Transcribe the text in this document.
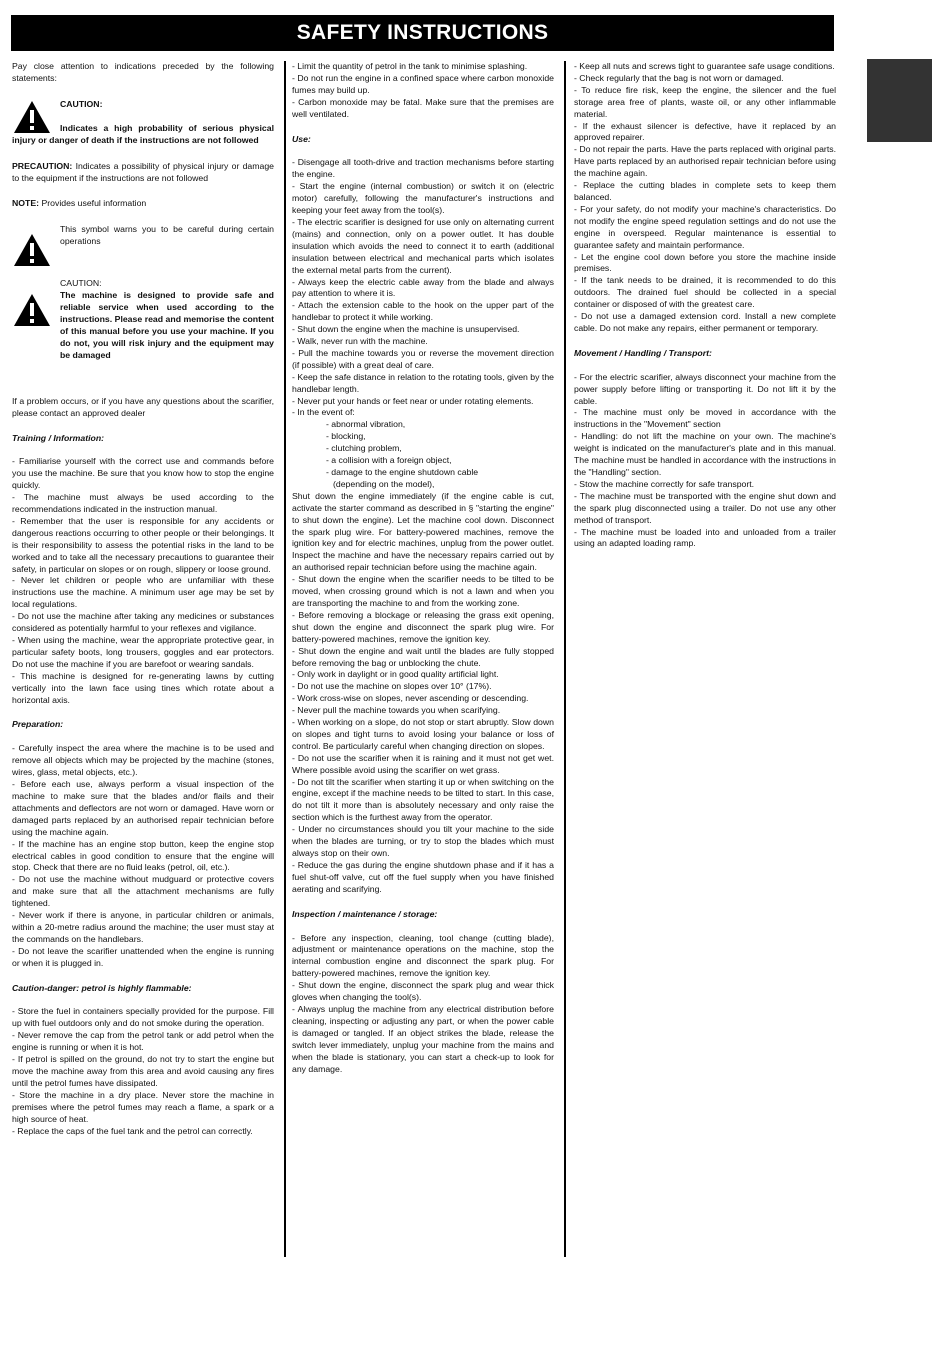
SAFETY INSTRUCTIONS

Pay close attention to indications preceded by the following statements:

CAUTION:

Indicates a high probability of serious physical injury or danger of death if the instructions are not followed

PRECAUTION: Indicates a possibility of physical injury or damage to the equipment if the instructions are not followed

NOTE: Provides useful information

This symbol warns you to be careful during certain operations
CAUTION:
The machine is designed to provide safe and reliable service when used according to the instructions. Please read and memorise the content of this manual before you use your machine. If you do not, you will risk injury and the equipment may be damaged

If a problem occurs, or if you have any questions about the scarifier, please contact an approved dealer

Training / Information:

- Familiarise yourself with the correct use and commands before you use the machine. Be sure that you know how to stop the engine quickly.

- The machine must always be used according to the recommendations indicated in the instruction manual.

- Remember that the user is responsible for any accidents or dangerous reactions occurring to other people or their belongings. It is their responsibility to assess the potential risks in the land to be worked and to take all the necessary precautions to guarantee their safety, in particular on slopes or on rough, slippery or loose ground.

- Never let children or people who are unfamiliar with these instructions use the machine. A minimum user age may be set by local regulations.

- Do not use the machine after taking any medicines or substances considered as potentially harmful to your reflexes and vigilance.

- When using the machine, wear the appropriate protective gear, in particular safety boots, long trousers, goggles and ear protectors. Do not use the machine if you are barefoot or wearing sandals.

- This machine is designed for re-generating lawns by cutting vertically into the lawn face using tines which rotate about a horizontal axis.

Preparation:

- Carefully inspect the area where the machine is to be used and remove all objects which may be projected by the machine (stones, wires, glass, metal objects, etc.).

- Before each use, always perform a visual inspection of the machine to make sure that the blades and/or flails and their attachments and deflectors are not worn or damaged. Have worn or damaged parts replaced by an authorised repair technician before using the machine again.

- If the machine has an engine stop button, keep the engine stop electrical cables in good condition to ensure that the engine will stop. Check that there are no fluid leaks (petrol, oil, etc.).

- Do not use the machine without mudguard or protective covers and make sure that all the attachment mechanisms are fully tightened.

- Never work if there is anyone, in particular children or animals, within a 20-metre radius around the machine; the user must stay at the commands on the handlebars.

- Do not leave the scarifier unattended when the engine is running or when it is plugged in.

Caution-danger: petrol is highly flammable:

- Store the fuel in containers specially provided for the purpose. Fill up with fuel outdoors only and do not smoke during the operation.

- Never remove the cap from the petrol tank or add petrol when the engine is running or when it is hot.

- If petrol is spilled on the ground, do not try to start the engine but move the machine away from this area and avoid causing any fires until the petrol fumes have dissipated.

- Store the machine in a dry place. Never store the machine in premises where the petrol fumes may reach a flame, a spark or a high source of heat.

- Replace the caps of the fuel tank and the petrol can correctly.

- Limit the quantity of petrol in the tank to minimise splashing.

- Do not run the engine in a confined space where carbon monoxide fumes may build up.

- Carbon monoxide may be fatal. Make sure that the premises are well ventilated.

Use:

- Disengage all tooth-drive and traction mechanisms before starting the engine.

- Start the engine (internal combustion) or switch it on (electric motor) carefully, following the manufacturer's instructions and keeping your feet away from the tool(s).

- The electric scarifier is designed for use only on alternating current (mains) and connection, only on a power outlet. It has double insulation which avoids the need to connect it to earth (additional insulation between electrical and mechanical parts which isolates the external metal parts from the current).

- Always keep the electric cable away from the blade and always pay attention to where it is.

- Attach the extension cable to the hook on the upper part of the handlebar to protect it while working.

- Shut down the engine when the machine is unsupervised.

- Walk, never run with the machine.

- Pull the machine towards you or reverse the movement direction (if possible) with a great deal of care.

- Keep the safe distance in relation to the rotating tools, given by the handlebar length.

- Never put your hands or feet near or under rotating elements.

- In the event of:

- abnormal vibration,
- blocking,
- clutching problem,
- a collision with a foreign object,
- damage to the engine shutdown cable
(depending on the model),

Shut down the engine immediately (if the engine cable is cut, activate the starter command as described in § "starting the engine" to shut down the engine). Let the machine cool down. Disconnect the spark plug wire. For battery-powered machines, remove the ignition key and for electric machines, unplug from the power outlet. Inspect the machine and have the necessary repairs carried out by an authorised repair technician before using the machine again.

- Shut down the engine when the scarifier needs to be tilted to be moved, when crossing ground which is not a lawn and when you are transporting the machine to and from the working zone.

- Before removing a blockage or releasing the grass exit opening, shut down the engine and disconnect the spark plug wire. For battery-powered machines, remove the ignition key.

- Shut down the engine and wait until the blades are fully stopped before removing the bag or unblocking the chute.

- Only work in daylight or in good quality artificial light.

- Do not use the machine on slopes over 10° (17%).

- Work cross-wise on slopes, never ascending or descending.

- Never pull the machine towards you when scarifying.

- When working on a slope, do not stop or start abruptly. Slow down on slopes and tight turns to avoid losing your balance or loss of control. Be particularly careful when changing direction on slopes.

- Do not use the scarifier when it is raining and it must not get wet. Where possible avoid using the scarifier on wet grass.

- Do not tilt the scarifier when starting it up or when switching on the engine, except if the machine needs to be tilted to start. In this case, do not tilt it more than is absolutely necessary and only raise the section which is the furthest away from the operator.

- Under no circumstances should you tilt your machine to the side when the blades are turning, or try to stop the blades which must always stop on their own.

- Reduce the gas during the engine shutdown phase and if it has a fuel shut-off valve, cut off the fuel supply when you have finished aerating and scarifying.

Inspection / maintenance / storage:

- Before any inspection, cleaning, tool change (cutting blade), adjustment or maintenance operations on the machine, stop the internal combustion engine and disconnect the spark plug. For battery-powered machines, remove the ignition key.

- Shut down the engine, disconnect the spark plug and wear thick gloves when changing the tool(s).

- Always unplug the machine from any electrical distribution before cleaning, inspecting or adjusting any part, or when the power cable is damaged or tangled. If an object strikes the blade, release the switch lever immediately, unplug your machine from the mains and when the blade is stationary, you can start a check-up to look for any damage.

- Keep all nuts and screws tight to guarantee safe usage conditions.

- Check regularly that the bag is not worn or damaged.

- To reduce fire risk, keep the engine, the silencer and the fuel storage area free of plants, waste oil, or any other inflammable material.

- If the exhaust silencer is defective, have it replaced by an approved repairer.

- Do not repair the parts. Have the parts replaced with original parts. Have parts replaced by an authorised repair technician before using the machine again.

- Replace the cutting blades in complete sets to keep them balanced.

- For your safety, do not modify your machine's characteristics. Do not modify the engine speed regulation settings and do not use the engine in overspeed. Regular maintenance is essential to guarantee safety and maintain performance.

- Let the engine cool down before you store the machine inside premises.

- If the tank needs to be drained, it is recommended to do this outdoors. The drained fuel should be collected in a special container or disposed of with the greatest care.

- Do not use a damaged extension cord. Install a new complete cable. Do not make any repairs, either permanent or temporary.

Movement / Handling / Transport:

- For the electric scarifier, always disconnect your machine from the power supply before lifting or transporting it. Do not lift it by the cable.

- The machine must only be moved in accordance with the instructions in the "Movement" section

- Handling: do not lift the machine on your own. The machine's weight is indicated on the manufacturer's plate and in this manual. The machine must be handled in accordance with the instructions in the "Handling" section.

- Stow the machine correctly for safe transport.

- The machine must be transported with the engine shut down and the spark plug disconnected using a trailer. Do not use any other method of transport.

- The machine must be loaded into and unloaded from a trailer using an adapted loading ramp.
